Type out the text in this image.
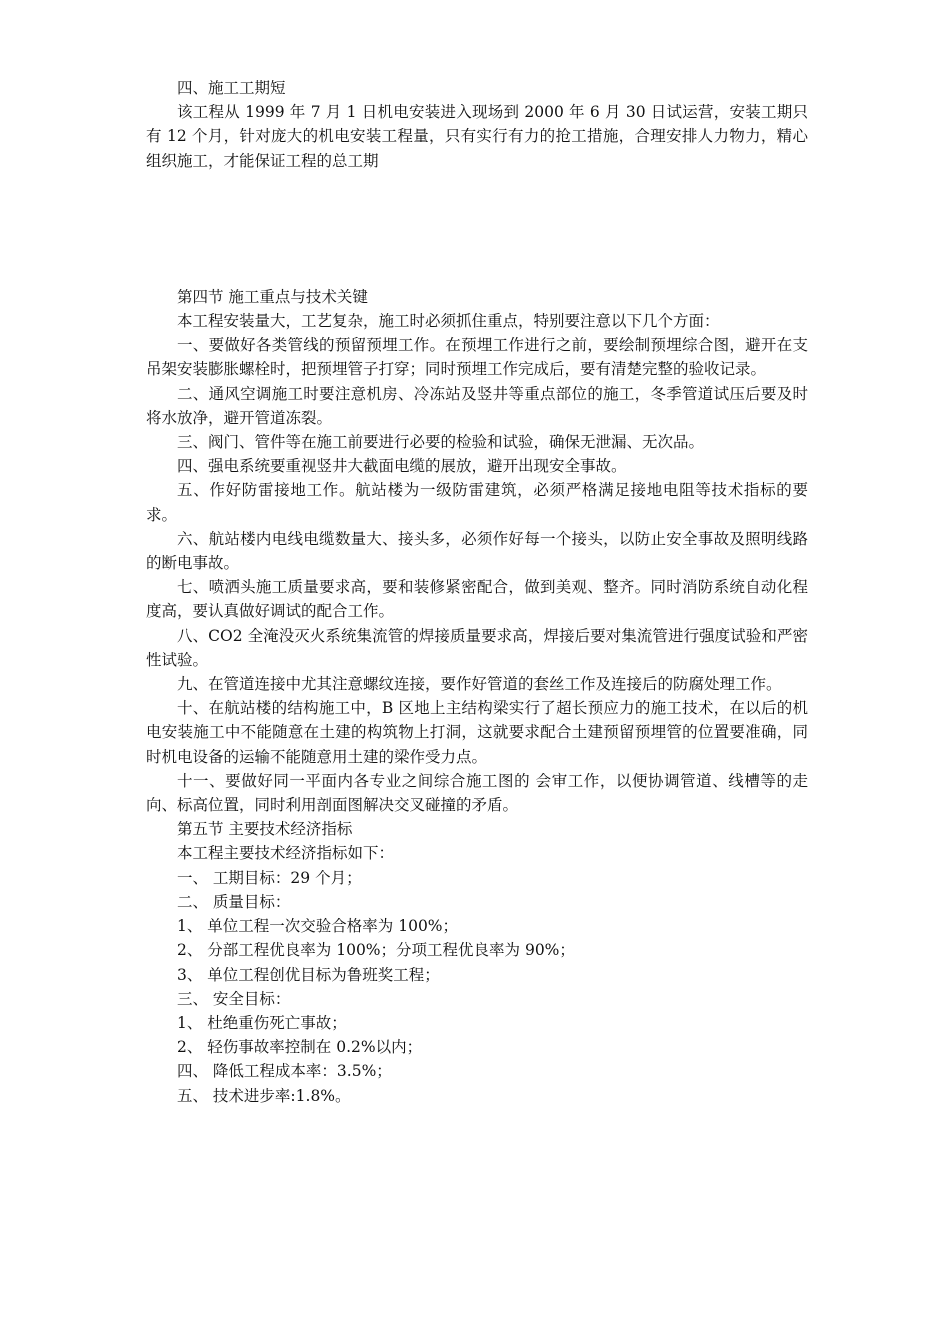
四、施工工期短

该工程从 1999 年 7 月 1 日机电安装进入现场到 2000 年 6 月 30 日试运营，安装工期只有 12 个月，针对庞大的机电安装工程量，只有实行有力的抢工措施，合理安排人力物力，精心组织施工，才能保证工程的总工期

第四节 施工重点与技术关键

本工程安装量大，工艺复杂，施工时必须抓住重点，特别要注意以下几个方面：

一、要做好各类管线的预留预埋工作。在预埋工作进行之前，要绘制预埋综合图，避开在支吊架安装膨胀螺栓时，把预埋管子打穿；同时预埋工作完成后，要有清楚完整的验收记录。

二、通风空调施工时要注意机房、冷冻站及竖井等重点部位的施工，冬季管道试压后要及时将水放净，避开管道冻裂。

三、阀门、管件等在施工前要进行必要的检验和试验，确保无泄漏、无次品。

四、强电系统要重视竖井大截面电缆的展放，避开出现安全事故。

五、作好防雷接地工作。航站楼为一级防雷建筑，必须严格满足接地电阻等技术指标的要求。

六、航站楼内电线电缆数量大、接头多，必须作好每一个接头，以防止安全事故及照明线路的断电事故。

七、喷洒头施工质量要求高，要和装修紧密配合，做到美观、整齐。同时消防系统自动化程度高，要认真做好调试的配合工作。

八、CO2 全淹没灭火系统集流管的焊接质量要求高，焊接后要对集流管进行强度试验和严密性试验。

九、在管道连接中尤其注意螺纹连接，要作好管道的套丝工作及连接后的防腐处理工作。

十、在航站楼的结构施工中，B 区地上主结构梁实行了超长预应力的施工技术，在以后的机电安装施工中不能随意在土建的构筑物上打洞，这就要求配合土建预留预埋管的位置要准确，同时机电设备的运输不能随意用土建的梁作受力点。

十一、要做好同一平面内各专业之间综合施工图的 会审工作，以便协调管道、线槽等的走向、标高位置，同时利用剖面图解决交叉碰撞的矛盾。

第五节 主要技术经济指标

本工程主要技术经济指标如下：

一、 工期目标：29 个月；

二、 质量目标：

1、 单位工程一次交验合格率为 100%；

2、 分部工程优良率为 100%；分项工程优良率为 90%；

3、 单位工程创优目标为鲁班奖工程；

三、 安全目标：

1、 杜绝重伤死亡事故；

2、 轻伤事故率控制在 0.2%以内；

四、 降低工程成本率：3.5%；

五、 技术进步率:1.8%。
